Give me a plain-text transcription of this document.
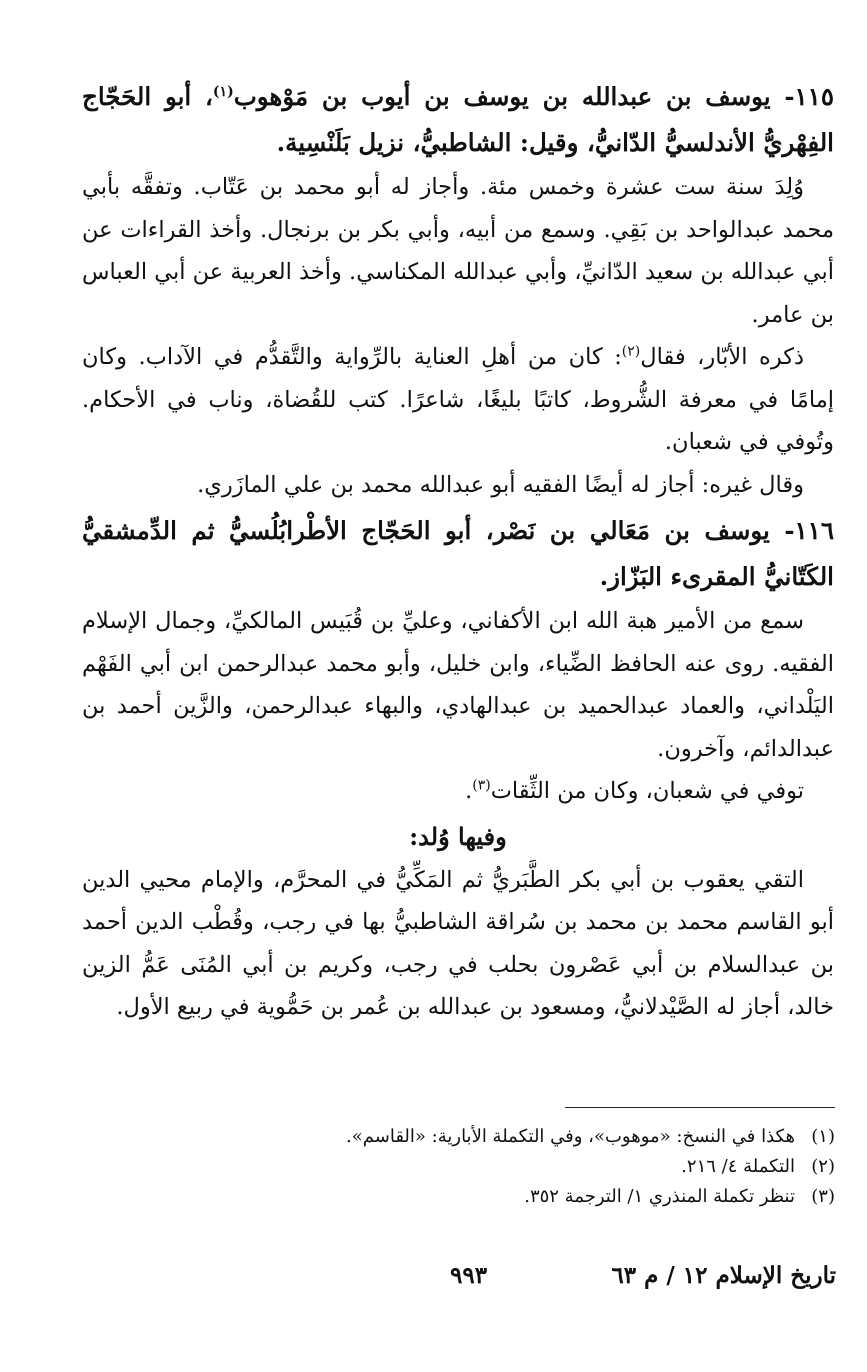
١١٥- يوسف بن عبدالله بن يوسف بن أيوب بن مَوْهوب$^{(١)}$، أبو الحَجّاج الفِهْريُّ الأندلسيُّ الدّانيُّ، وقيل: الشاطبيُّ، نزيل بَلَنْسِية.

وُلِدَ سنة ست عشرة وخمس مئة. وأجاز له أبو محمد بن عَتّاب. وتفقَّه بأبي محمد عبدالواحد بن بَقِي. وسمع من أبيه، وأبي بكر بن برنجال. وأخذ القراءات عن أبي عبدالله بن سعيد الدّانيِّ، وأبي عبدالله المكناسي. وأخذ العربية عن أبي العباس بن عامر.

ذكره الأبّار، فقال$^{(٢)}$: كان من أهلِ العناية بالرِّواية والتَّقدُّم في الآداب. وكان إمامًا في معرفة الشُّروط، كاتبًا بليغًا، شاعرًا. كتب للقُضاة، وناب في الأحكام. وتُوفي في شعبان.

وقال غيره: أجاز له أيضًا الفقيه أبو عبدالله محمد بن علي المازَري.

١١٦- يوسف بن مَعَالي بن نَصْر، أبو الحَجّاج الأطْرابُلُسيُّ ثم الدِّمشقيُّ الكَتّانيُّ المقرىء البَزّاز.

سمع من الأمير هبة الله ابن الأكفاني، وعليِّ بن قُبَيس المالكيِّ، وجمال الإسلام الفقيه. روى عنه الحافظ الضِّياء، وابن خليل، وأبو محمد عبدالرحمن ابن أبي الفَهْم اليَلْداني، والعماد عبدالحميد بن عبدالهادي، والبهاء عبدالرحمن، والزَّين أحمد بن عبدالدائم، وآخرون.

توفي في شعبان، وكان من الثِّقات$^{(٣)}$.

وفيها وُلد:

التقي يعقوب بن أبي بكر الطَّبَريُّ ثم المَكِّيُّ في المحرَّم، والإمام محيي الدين أبو القاسم محمد بن محمد بن سُراقة الشاطبيُّ بها في رجب، وقُطْب الدين أحمد بن عبدالسلام بن أبي عَصْرون بحلب في رجب، وكريم بن أبي المُنَى عَمُّ الزين خالد، أجاز له الصَّيْدلانيُّ، ومسعود بن عبدالله بن عُمر بن حَمُّوية في ربيع الأول.

(١)هكذا في النسخ: «موهوب»، وفي التكملة الأبارية: «القاسم».

(٢)التكملة ٤/ ٢١٦.

(٣)تنظر تكملة المنذري ١/ الترجمة ٣٥٢.

تاريخ الإسلام ١٢ / م ٦٣
٩٩٣
